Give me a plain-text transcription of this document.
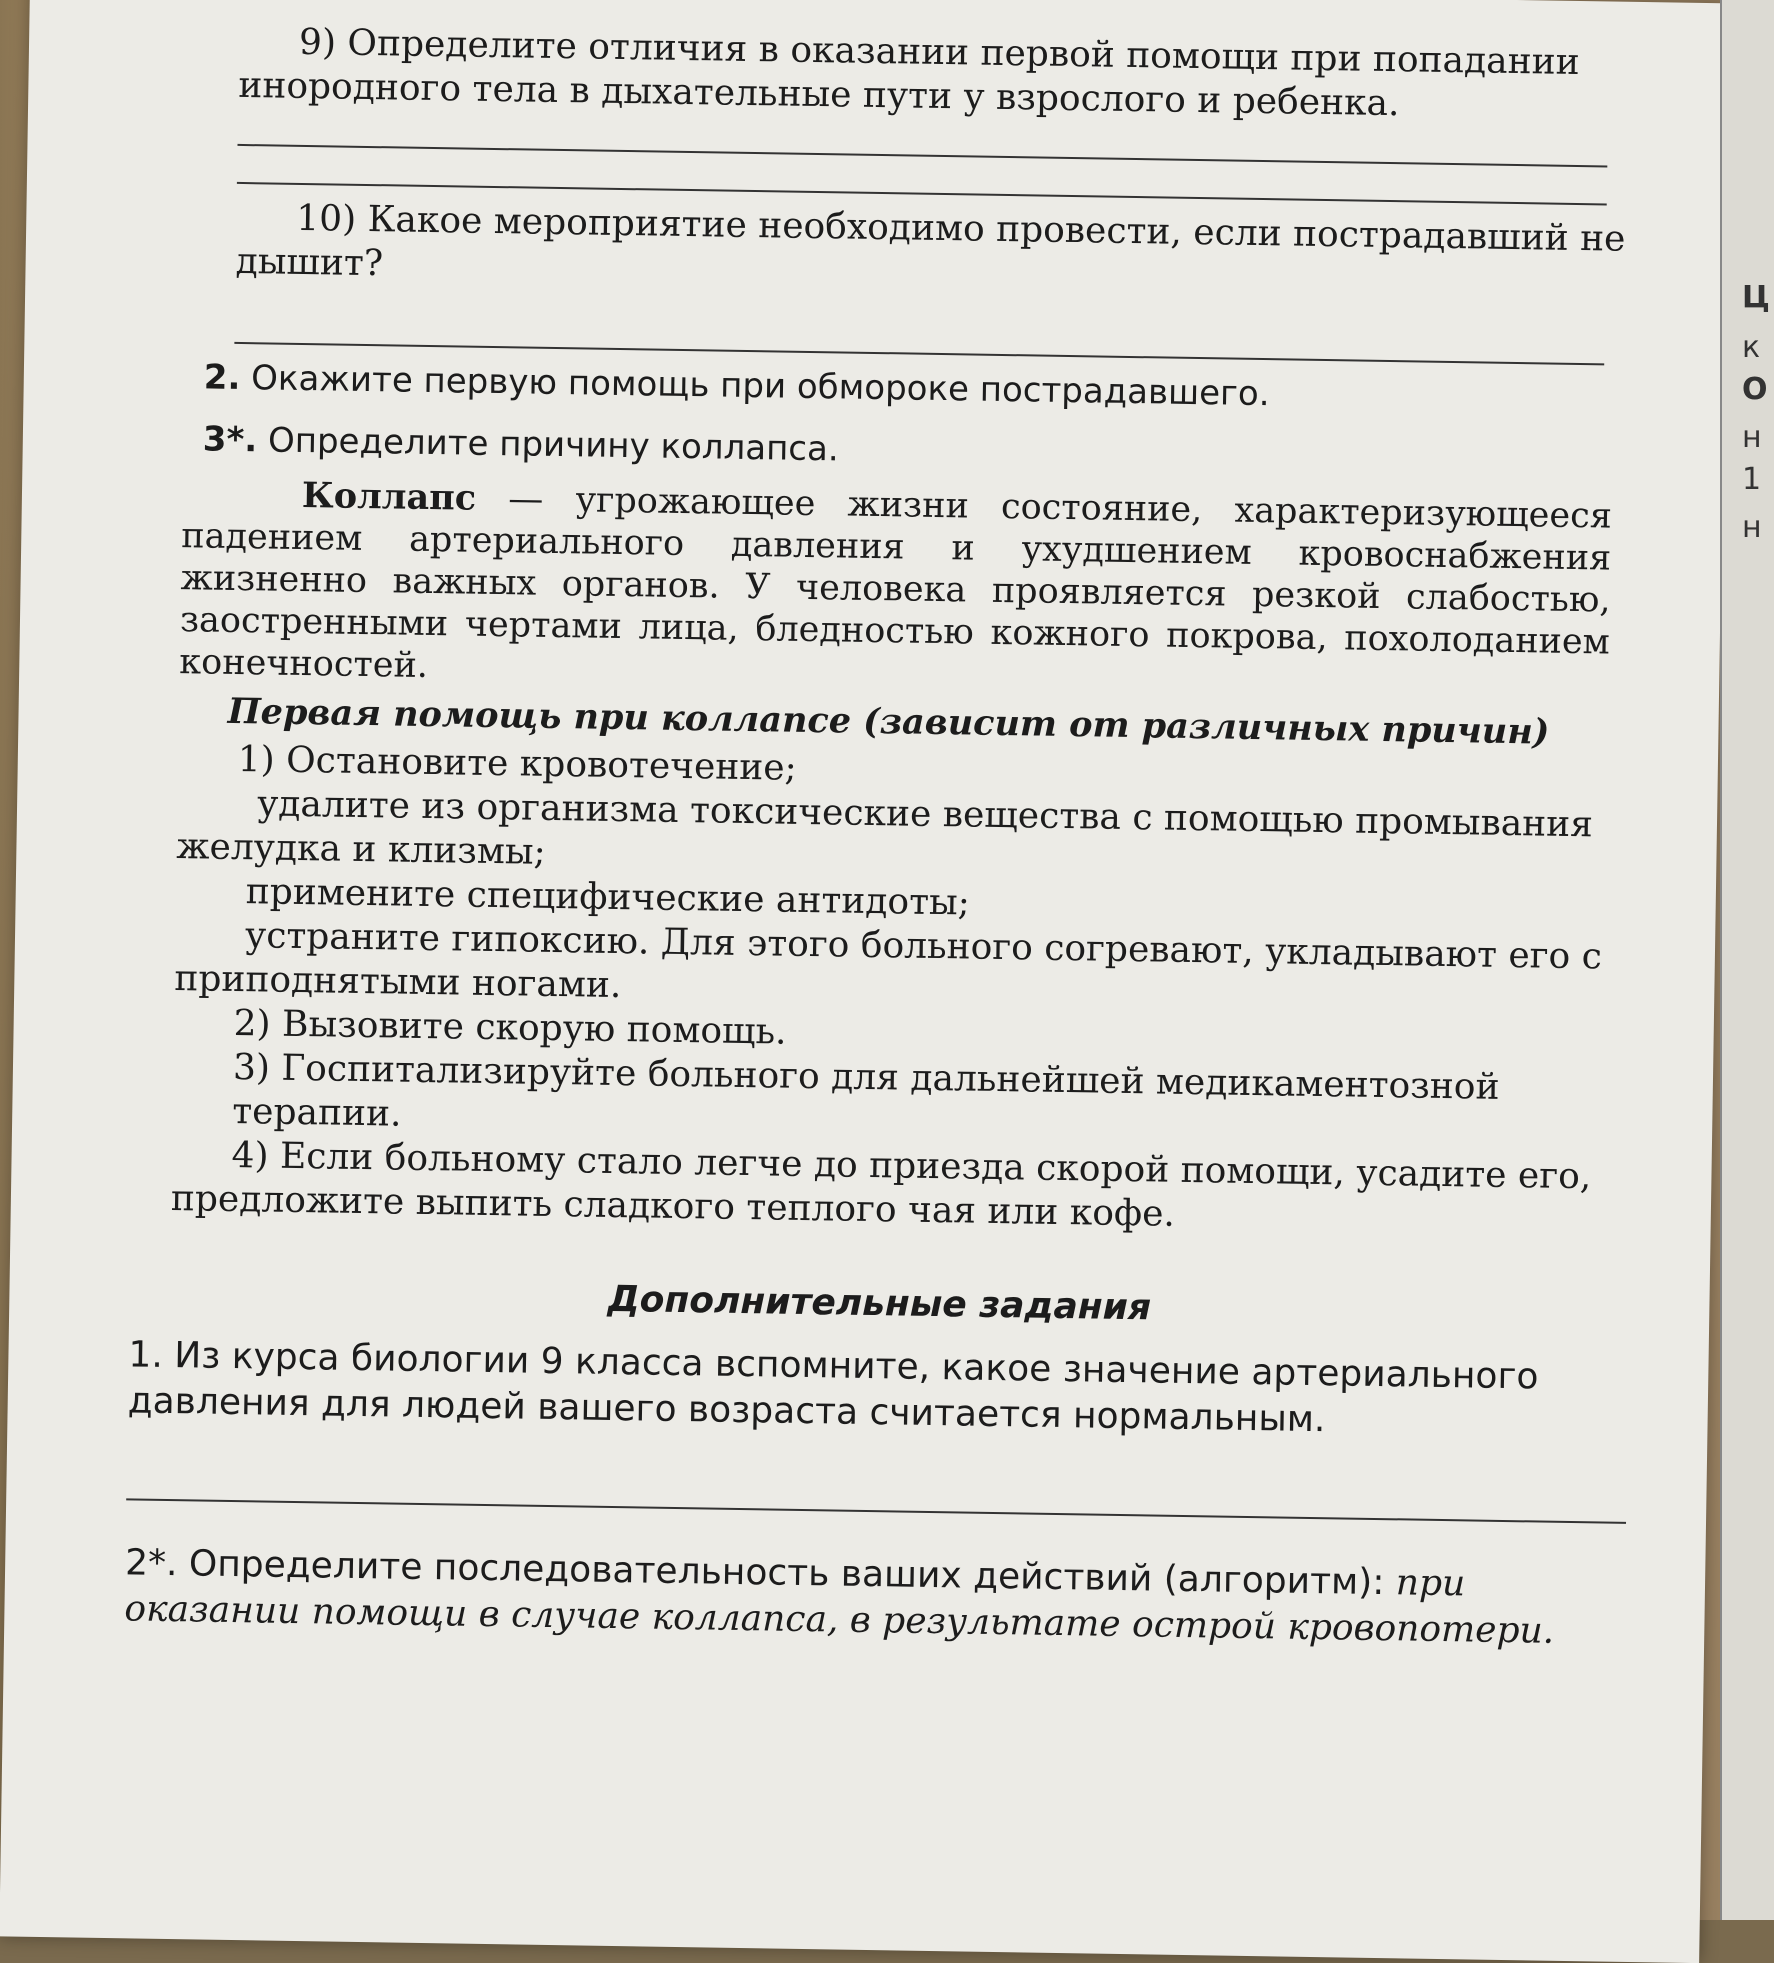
9) Определите отличия в оказании первой помощи при попадании инородного тела в дыхательные пути у взрослого и ребенка.

10) Какое мероприятие необходимо провести, если пострадавший не дышит?

2. Окажите первую помощь при обмороке пострадавшего.

3*. Определите причину коллапса.

Коллапс — угрожающее жизни состояние, характеризующееся падением артериального давления и ухудшением кровоснабжения жизненно важных органов. У человека проявляется резкой слабостью, заостренными чертами лица, бледностью кожного покрова, похолоданием конечностей.

Первая помощь при коллапсе (зависит от различных причин)

1) Остановите кровотечение;

удалите из организма токсические вещества с помощью промывания желудка и клизмы;

примените специфические антидоты;

устраните гипоксию. Для этого больного согревают, укладывают его с приподнятыми ногами.

2) Вызовите скорую помощь.

3) Госпитализируйте больного для дальнейшей медикаментозной терапии.

4) Если больному стало легче до приезда скорой помощи, усадите его, предложите выпить сладкого теплого чая или кофе.

Дополнительные задания

1. Из курса биологии 9 класса вспомните, какое значение артериального давления для людей вашего возраста считается нормальным.

2*. Определите последовательность ваших действий (алгоритм): при оказании помощи в случае коллапса, в результате острой кровопотери.

Ц
к
О
н
1
н
